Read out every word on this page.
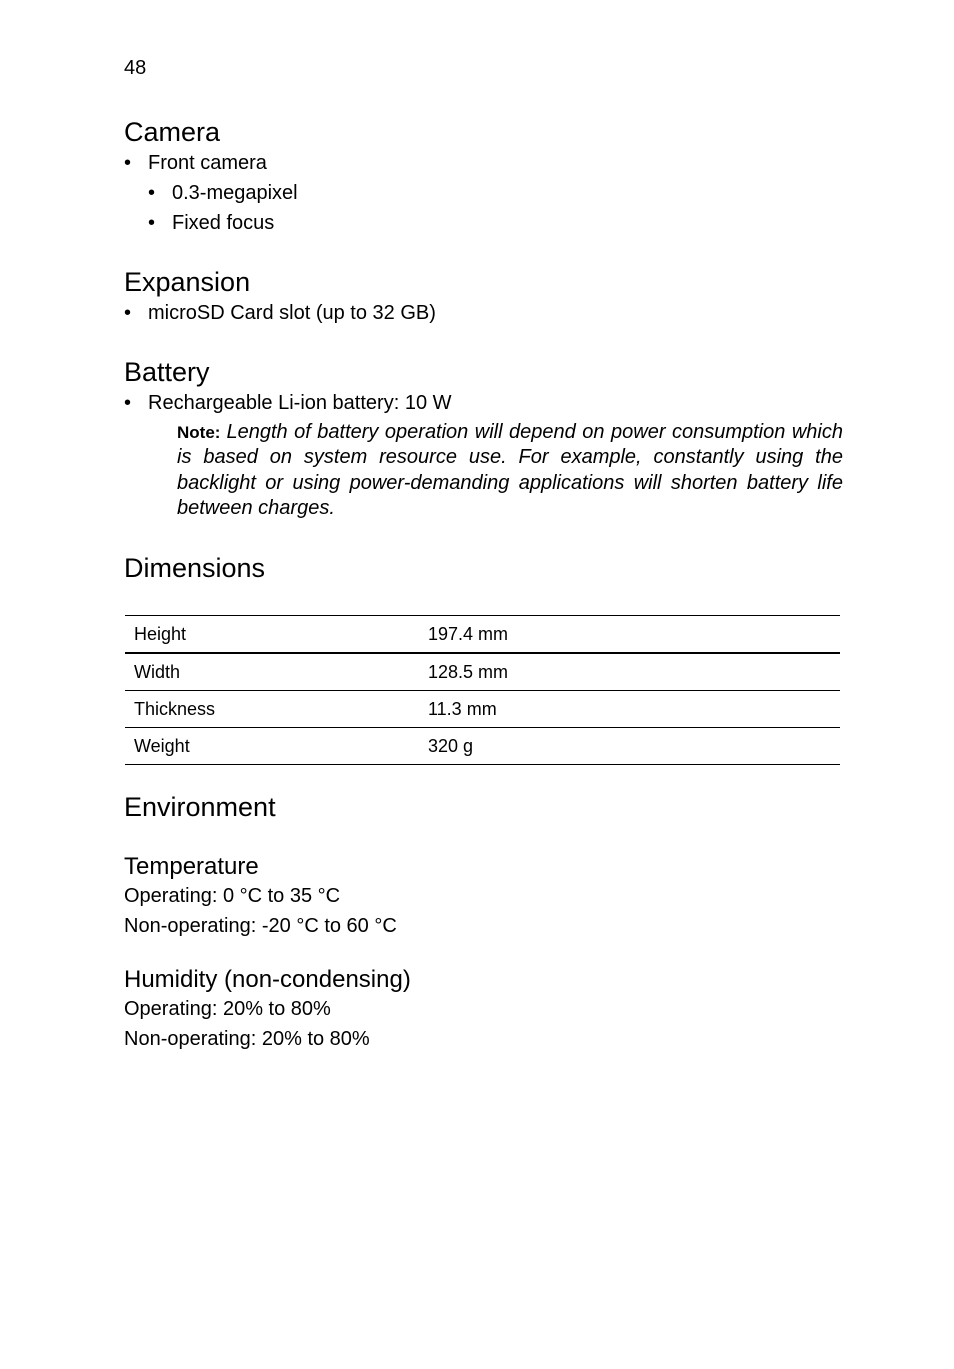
48
Camera
• Front camera
• 0.3-megapixel
• Fixed focus
Expansion
• microSD Card slot (up to 32 GB)
Battery
• Rechargeable Li-ion battery: 10 W
Note: Length of battery operation will depend on power consumption which is based on system resource use. For example, constantly using the backlight or using power-demanding applications will shorten battery life between charges.
Dimensions
Height	197.4 mm
Width	128.5 mm
Thickness	11.3 mm
Weight	320 g
Environment
Temperature
Operating: 0 °C to 35 °C
Non-operating: -20 °C to 60 °C
Humidity (non-condensing)
Operating: 20% to 80%
Non-operating: 20% to 80%
